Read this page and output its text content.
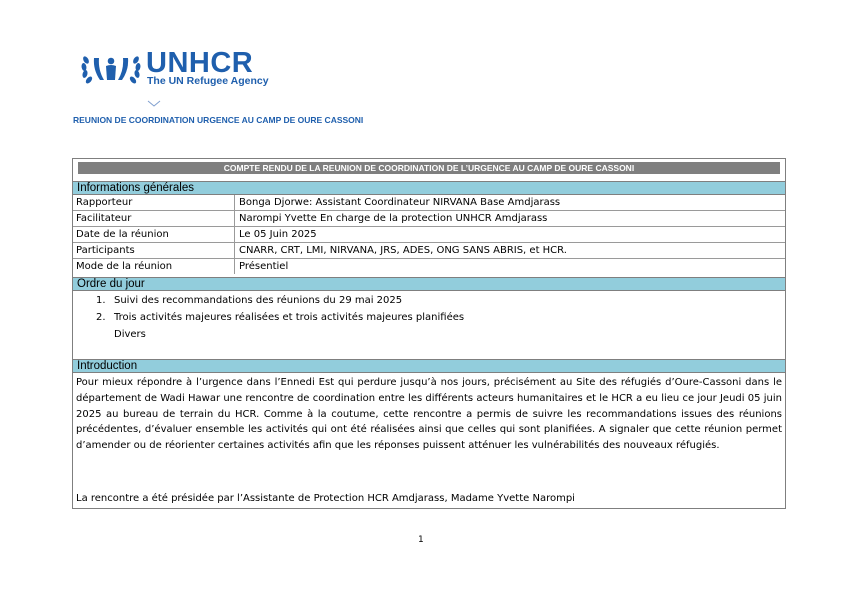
UNHCR
The UN Refugee Agency
REUNION DE COORDINATION URGENCE AU CAMP DE OURE CASSONI
COMPTE RENDU DE LA REUNION DE COORDINATION DE L’URGENCE AU CAMP DE OURE CASSONI
Informations générales
Rapporteur	Bonga Djorwe: Assistant Coordinateur NIRVANA Base Amdjarass
Facilitateur	Narompi Yvette En charge de la protection UNHCR Amdjarass
Date de la réunion	Le 05 Juin 2025
Participants	CNARR, CRT, LMI, NIRVANA, JRS, ADES, ONG SANS ABRIS, et HCR.
Mode de la réunion	Présentiel
Ordre du jour
1. Suivi des recommandations des réunions du 29 mai 2025
2. Trois activités majeures réalisées et trois activités majeures planifiées
Divers
Introduction
Pour mieux répondre à l’urgence dans l’Ennedi Est qui perdure jusqu’à nos jours, précisément au Site des réfugiés d’Oure-Cassoni dans le département de Wadi Hawar une rencontre de coordination entre les différents acteurs humanitaires et le HCR a eu lieu ce jour Jeudi 05 juin 2025 au bureau de terrain du HCR. Comme à la coutume, cette rencontre a permis de suivre les recommandations issues des réunions précédentes, d’évaluer ensemble les activités qui ont été réalisées ainsi que celles qui sont planifiées. A signaler que cette réunion permet d’amender ou de réorienter certaines activités afin que les réponses puissent atténuer les vulnérabilités des nouveaux réfugiés.
La rencontre a été présidée par l’Assistante de Protection HCR Amdjarass, Madame Yvette Narompi
1
